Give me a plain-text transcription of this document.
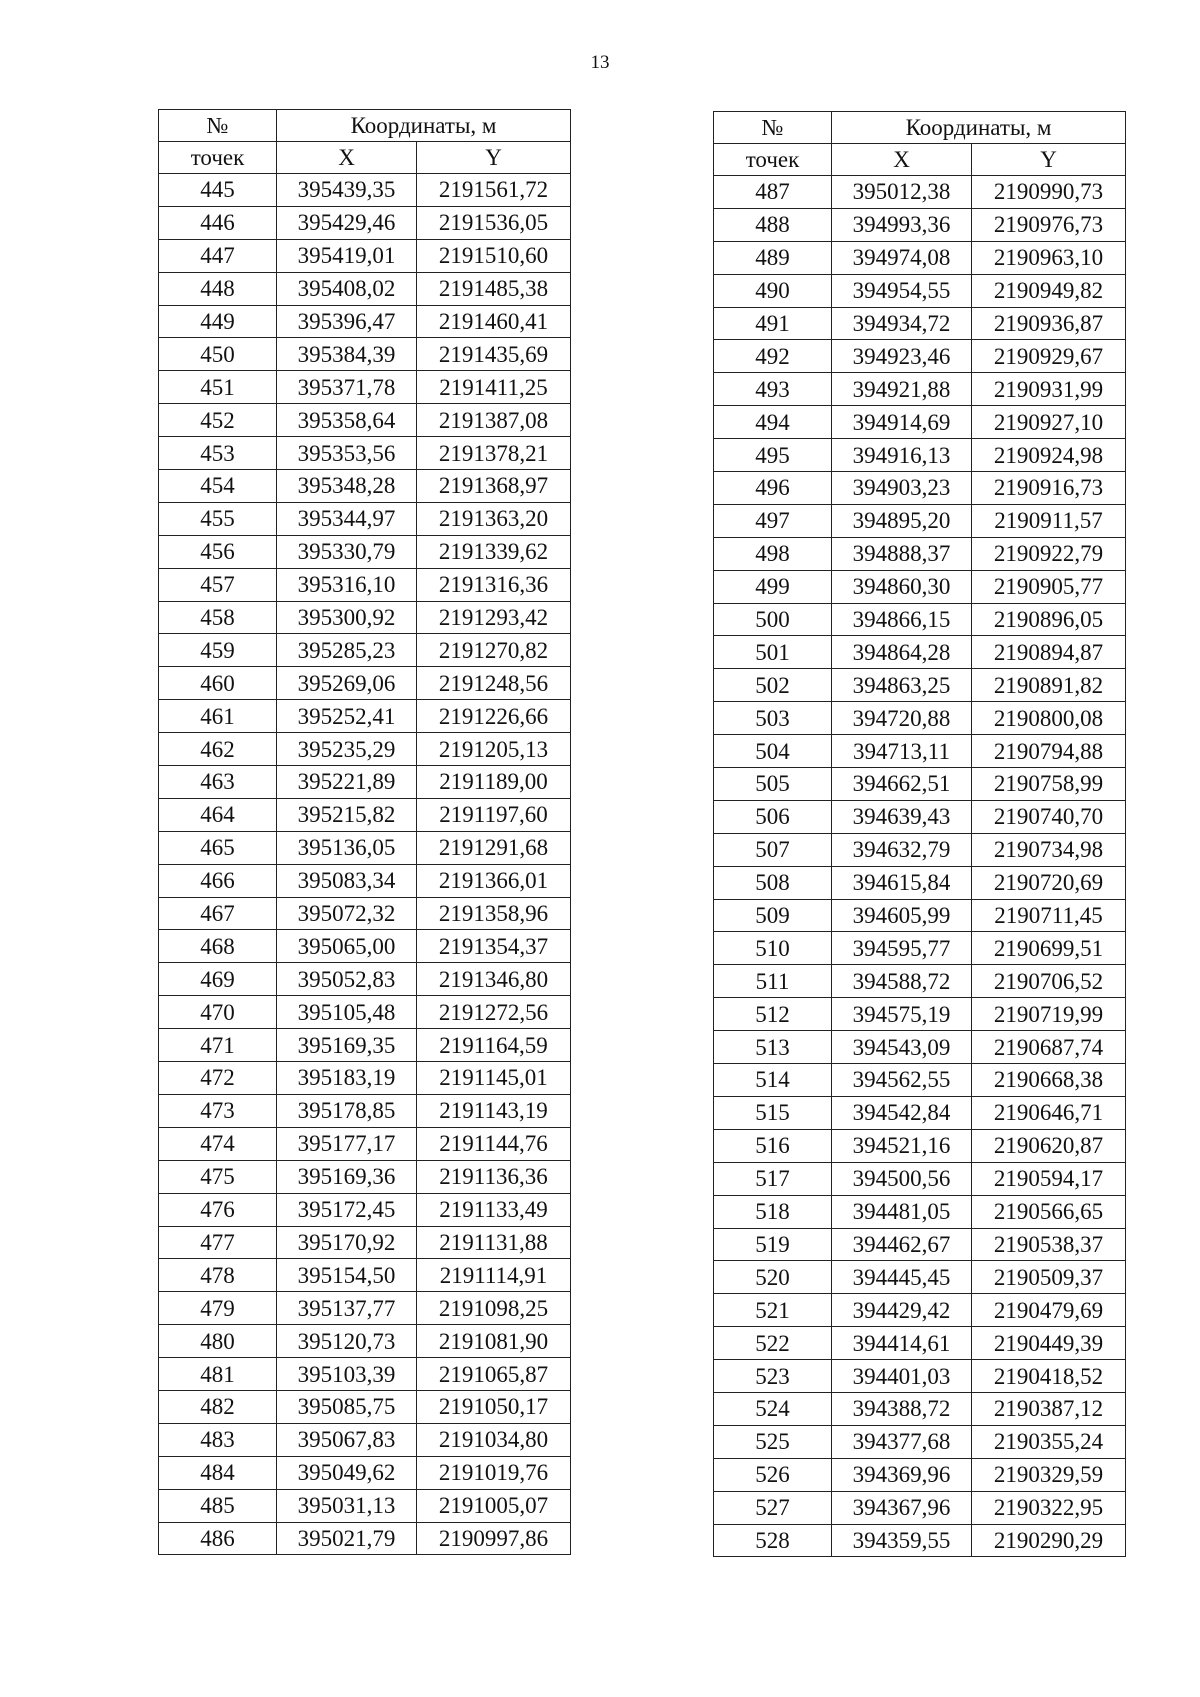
13
№	Координаты, м	
точек	X	Y
445	395439,35	2191561,72
446	395429,46	2191536,05
447	395419,01	2191510,60
448	395408,02	2191485,38
449	395396,47	2191460,41
450	395384,39	2191435,69
451	395371,78	2191411,25
452	395358,64	2191387,08
453	395353,56	2191378,21
454	395348,28	2191368,97
455	395344,97	2191363,20
456	395330,79	2191339,62
457	395316,10	2191316,36
458	395300,92	2191293,42
459	395285,23	2191270,82
460	395269,06	2191248,56
461	395252,41	2191226,66
462	395235,29	2191205,13
463	395221,89	2191189,00
464	395215,82	2191197,60
465	395136,05	2191291,68
466	395083,34	2191366,01
467	395072,32	2191358,96
468	395065,00	2191354,37
469	395052,83	2191346,80
470	395105,48	2191272,56
471	395169,35	2191164,59
472	395183,19	2191145,01
473	395178,85	2191143,19
474	395177,17	2191144,76
475	395169,36	2191136,36
476	395172,45	2191133,49
477	395170,92	2191131,88
478	395154,50	2191114,91
479	395137,77	2191098,25
480	395120,73	2191081,90
481	395103,39	2191065,87
482	395085,75	2191050,17
483	395067,83	2191034,80
484	395049,62	2191019,76
485	395031,13	2191005,07
486	395021,79	2190997,86
№	Координаты, м	
точек	X	Y
487	395012,38	2190990,73
488	394993,36	2190976,73
489	394974,08	2190963,10
490	394954,55	2190949,82
491	394934,72	2190936,87
492	394923,46	2190929,67
493	394921,88	2190931,99
494	394914,69	2190927,10
495	394916,13	2190924,98
496	394903,23	2190916,73
497	394895,20	2190911,57
498	394888,37	2190922,79
499	394860,30	2190905,77
500	394866,15	2190896,05
501	394864,28	2190894,87
502	394863,25	2190891,82
503	394720,88	2190800,08
504	394713,11	2190794,88
505	394662,51	2190758,99
506	394639,43	2190740,70
507	394632,79	2190734,98
508	394615,84	2190720,69
509	394605,99	2190711,45
510	394595,77	2190699,51
511	394588,72	2190706,52
512	394575,19	2190719,99
513	394543,09	2190687,74
514	394562,55	2190668,38
515	394542,84	2190646,71
516	394521,16	2190620,87
517	394500,56	2190594,17
518	394481,05	2190566,65
519	394462,67	2190538,37
520	394445,45	2190509,37
521	394429,42	2190479,69
522	394414,61	2190449,39
523	394401,03	2190418,52
524	394388,72	2190387,12
525	394377,68	2190355,24
526	394369,96	2190329,59
527	394367,96	2190322,95
528	394359,55	2190290,29
